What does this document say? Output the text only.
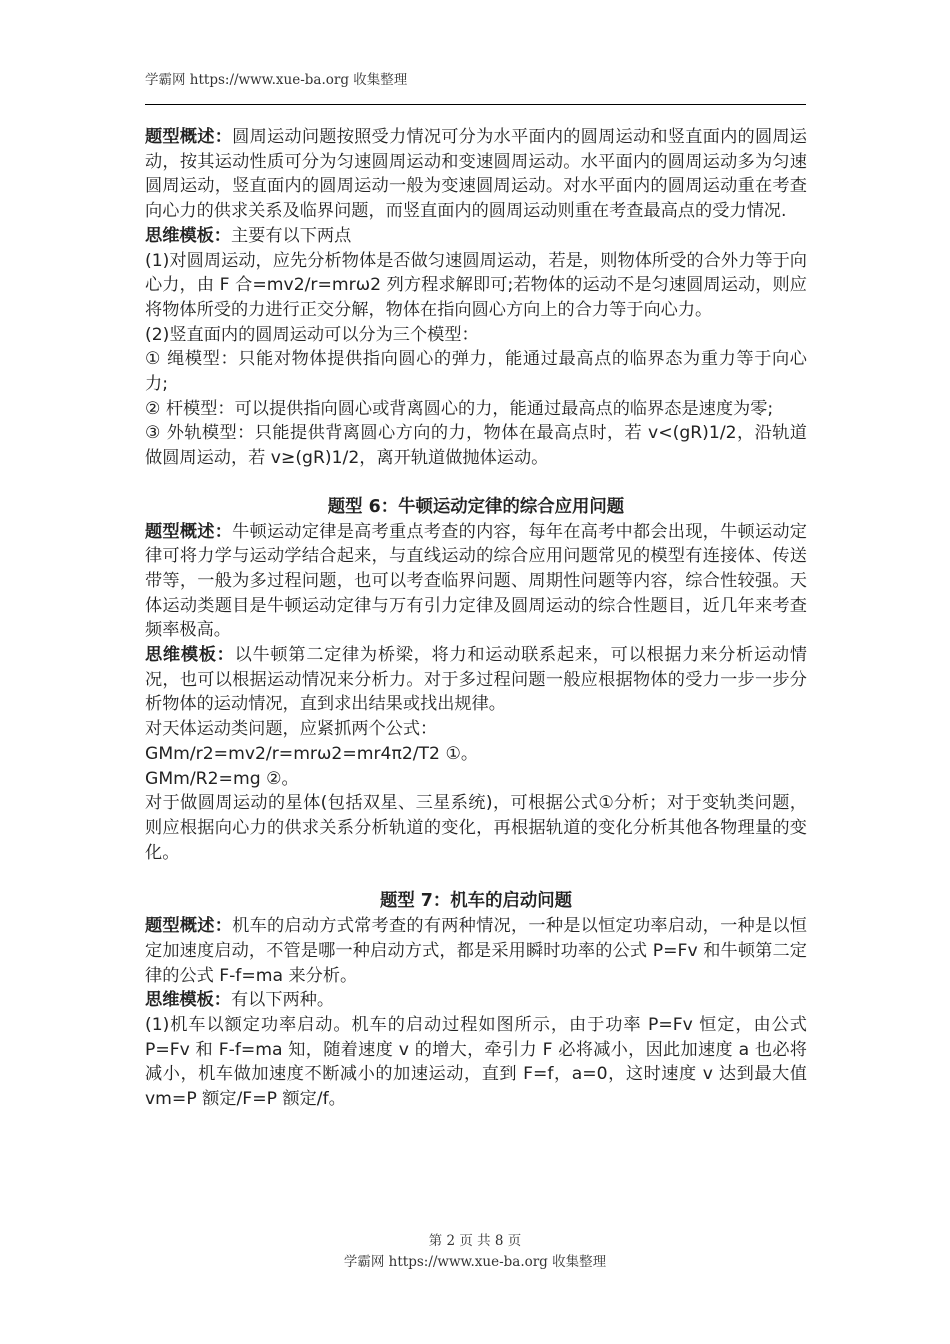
学霸网 https://www.xue-ba.org 收集整理

题型概述：圆周运动问题按照受力情况可分为水平面内的圆周运动和竖直面内的圆周运动，按其运动性质可分为匀速圆周运动和变速圆周运动。水平面内的圆周运动多为匀速圆周运动，竖直面内的圆周运动一般为变速圆周运动。对水平面内的圆周运动重在考查向心力的供求关系及临界问题，而竖直面内的圆周运动则重在考查最高点的受力情况.

思维模板：主要有以下两点

(1)对圆周运动，应先分析物体是否做匀速圆周运动，若是，则物体所受的合外力等于向心力，由 F 合=mv2/r=mrω2 列方程求解即可;若物体的运动不是匀速圆周运动，则应将物体所受的力进行正交分解，物体在指向圆心方向上的合力等于向心力。

(2)竖直面内的圆周运动可以分为三个模型：

① 绳模型：只能对物体提供指向圆心的弹力，能通过最高点的临界态为重力等于向心力;

② 杆模型：可以提供指向圆心或背离圆心的力，能通过最高点的临界态是速度为零;

③ 外轨模型：只能提供背离圆心方向的力，物体在最高点时，若 v<(gR)1/2，沿轨道做圆周运动，若 v≥(gR)1/2，离开轨道做抛体运动。

题型 6：牛顿运动定律的综合应用问题

题型概述：牛顿运动定律是高考重点考查的内容，每年在高考中都会出现，牛顿运动定律可将力学与运动学结合起来，与直线运动的综合应用问题常见的模型有连接体、传送带等，一般为多过程问题，也可以考查临界问题、周期性问题等内容，综合性较强。天体运动类题目是牛顿运动定律与万有引力定律及圆周运动的综合性题目，近几年来考查频率极高。

思维模板：以牛顿第二定律为桥梁，将力和运动联系起来，可以根据力来分析运动情况，也可以根据运动情况来分析力。对于多过程问题一般应根据物体的受力一步一步分析物体的运动情况，直到求出结果或找出规律。

对天体运动类问题，应紧抓两个公式：

GMm/r2=mv2/r=mrω2=mr4π2/T2 ①。

GMm/R2=mg ②。

对于做圆周运动的星体(包括双星、三星系统)，可根据公式①分析；对于变轨类问题，则应根据向心力的供求关系分析轨道的变化，再根据轨道的变化分析其他各物理量的变化。

题型 7：机车的启动问题

题型概述：机车的启动方式常考查的有两种情况，一种是以恒定功率启动，一种是以恒定加速度启动，不管是哪一种启动方式，都是采用瞬时功率的公式 P=Fv 和牛顿第二定律的公式 F-f=ma 来分析。

思维模板：有以下两种。

(1)机车以额定功率启动。机车的启动过程如图所示，由于功率 P=Fv 恒定，由公式 P=Fv 和 F-f=ma 知，随着速度 v 的增大，牵引力 F 必将减小，因此加速度 a 也必将减小，机车做加速度不断减小的加速运动，直到 F=f，a=0，这时速度 v 达到最大值 vm=P 额定/F=P 额定/f。

第 2 页 共 8 页
学霸网 https://www.xue-ba.org 收集整理
